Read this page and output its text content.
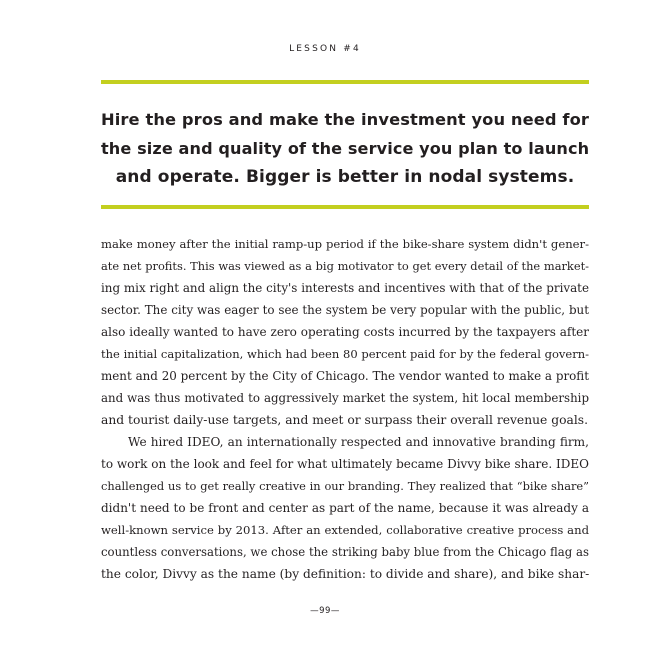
LESSON #4
Hire the pros and make the investment you need for
the size and quality of the service you plan to launch
and operate. Bigger is better in nodal systems.
make money after the initial ramp-up period if the bike-share system didn't gener-
ate net profits. This was viewed as a big motivator to get every detail of the market-
ing mix right and align the city's interests and incentives with that of the private
sector. The city was eager to see the system be very popular with the public, but
also ideally wanted to have zero operating costs incurred by the taxpayers after
the initial capitalization, which had been 80 percent paid for by the federal govern-
ment and 20 percent by the City of Chicago. The vendor wanted to make a profit
and was thus motivated to aggressively market the system, hit local membership
and tourist daily-use targets, and meet or surpass their overall revenue goals.
We hired IDEO, an internationally respected and innovative branding firm,
to work on the look and feel for what ultimately became Divvy bike share. IDEO
challenged us to get really creative in our branding. They realized that “bike share”
didn't need to be front and center as part of the name, because it was already a
well-known service by 2013. After an extended, collaborative creative process and
countless conversations, we chose the striking baby blue from the Chicago flag as
the color, Divvy as the name (by definition: to divide and share), and bike shar-
—99—
